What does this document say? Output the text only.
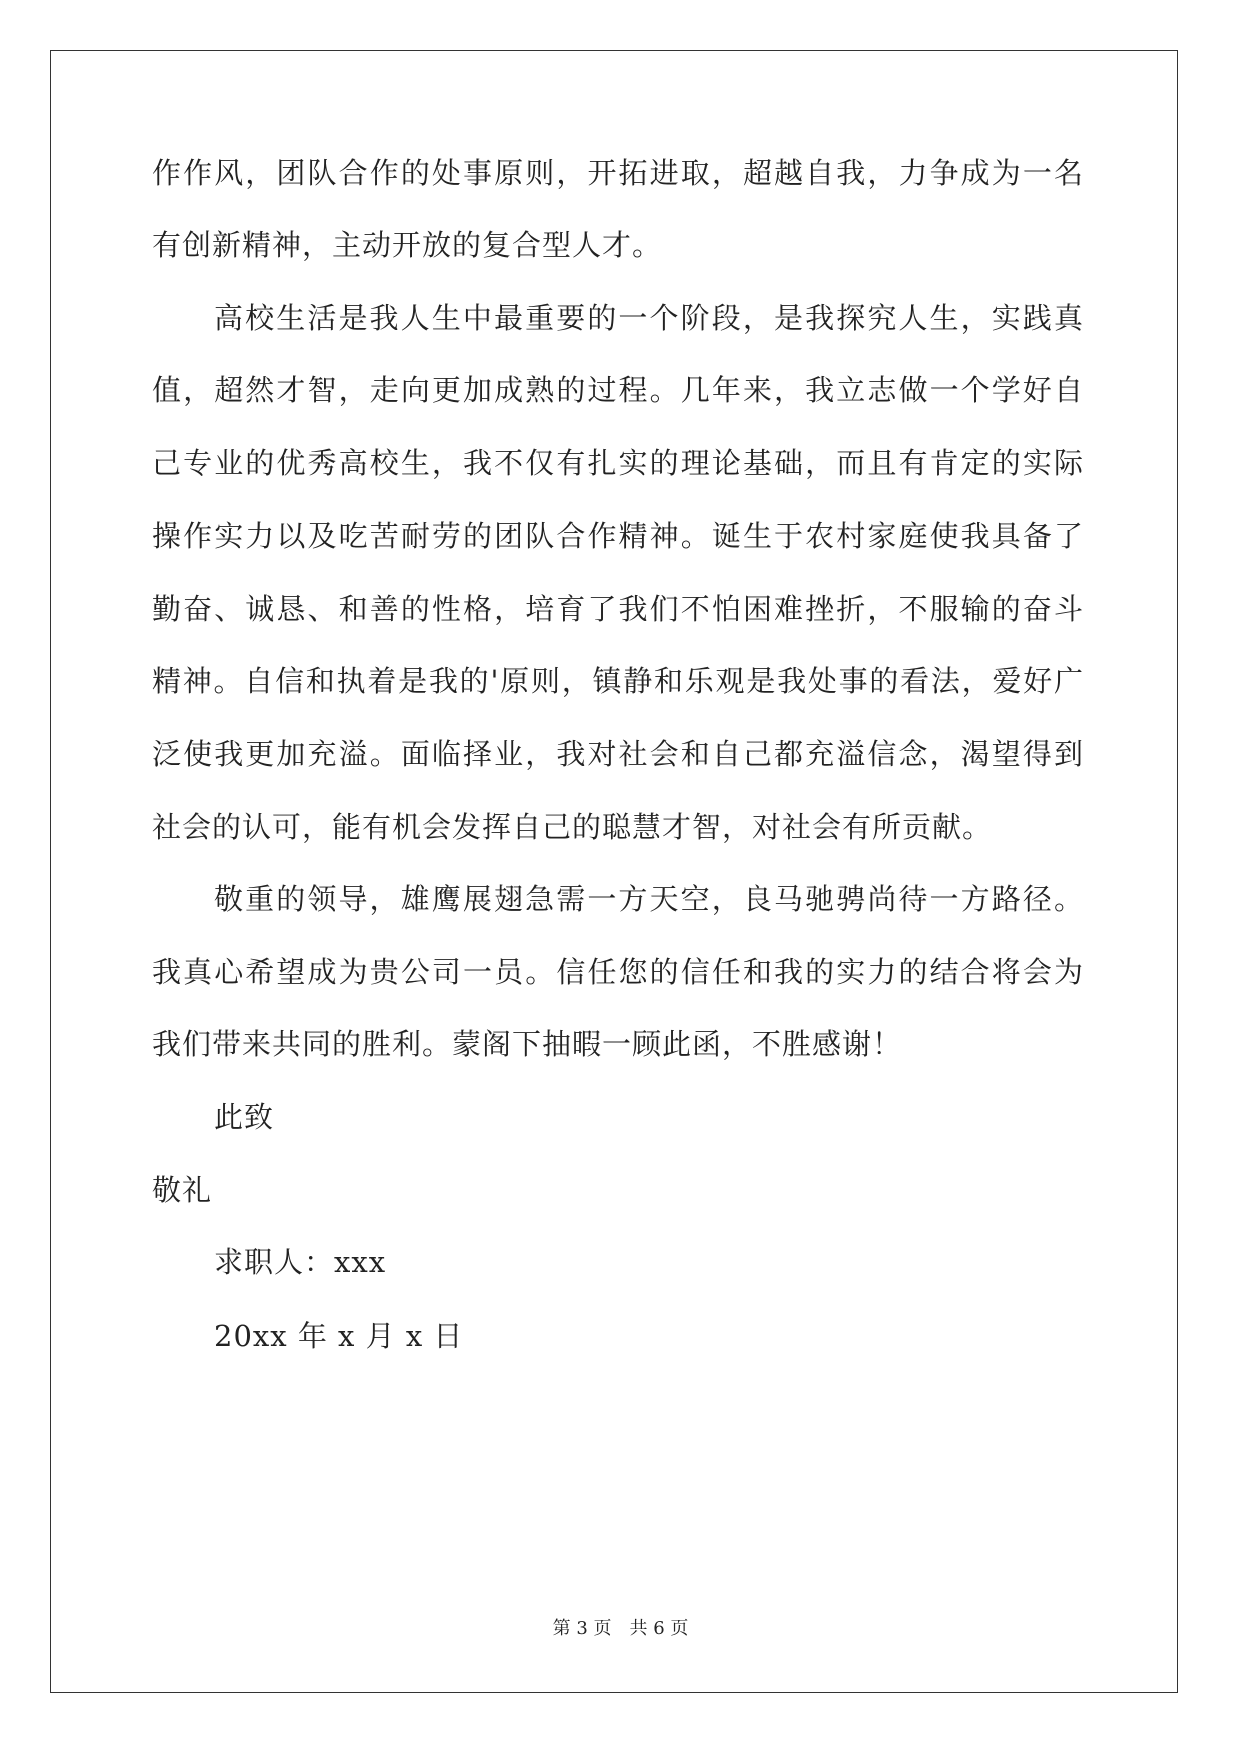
作作风，团队合作的处事原则，开拓进取，超越自我，力争成为一名
有创新精神，主动开放的复合型人才。
高校生活是我人生中最重要的一个阶段，是我探究人生，实践真
值，超然才智，走向更加成熟的过程。几年来，我立志做一个学好自
己专业的优秀高校生，我不仅有扎实的理论基础，而且有肯定的实际
操作实力以及吃苦耐劳的团队合作精神。诞生于农村家庭使我具备了
勤奋、诚恳、和善的性格，培育了我们不怕困难挫折，不服输的奋斗
精神。自信和执着是我的'原则，镇静和乐观是我处事的看法，爱好广
泛使我更加充溢。面临择业，我对社会和自己都充溢信念，渴望得到
社会的认可，能有机会发挥自己的聪慧才智，对社会有所贡献。
敬重的领导，雄鹰展翅急需一方天空，良马驰骋尚待一方路径。
我真心希望成为贵公司一员。信任您的信任和我的实力的结合将会为
我们带来共同的胜利。蒙阁下抽暇一顾此函，不胜感谢！
此致
敬礼
求职人：xxx
20xx 年 x 月 x 日
第 3 页　共 6 页
